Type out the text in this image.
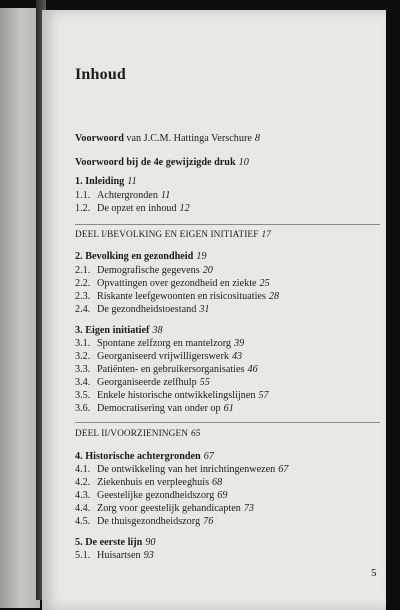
Inhoud
Voorwoord van J.C.M. Hattinga Verschure 8
Voorwoord bij de 4e gewijzigde druk 10
1. Inleiding 11
1.1. Achtergronden 11
1.2. De opzet en inhoud 12
DEEL I/BEVOLKING EN EIGEN INITIATIEF 17
2. Bevolking en gezondheid 19
2.1. Demografische gegevens 20
2.2. Opvattingen over gezondheid en ziekte 25
2.3. Riskante leefgewoonten en risicosituaties 28
2.4. De gezondheidstoestand 31
3. Eigen initiatief 38
3.1. Spontane zelfzorg en mantelzorg 39
3.2. Georganiseerd vrijwilligerswerk 43
3.3. Patiënten- en gebruikersorganisaties 46
3.4. Georganiseerde zelfhulp 55
3.5. Enkele historische ontwikkelingslijnen 57
3.6. Democratisering van onder op 61
DEEL II/VOORZIENINGEN 65
4. Historische achtergronden 67
4.1. De ontwikkeling van het inrichtingenwezen 67
4.2. Ziekenhuis en verpleeghuis 68
4.3. Geestelijke gezondheidszorg 69
4.4. Zorg voor geestelijk gehandicapten 73
4.5. De thuisgezondheidszorg 76
5. De eerste lijn 90
5.1. Huisartsen 93
5
